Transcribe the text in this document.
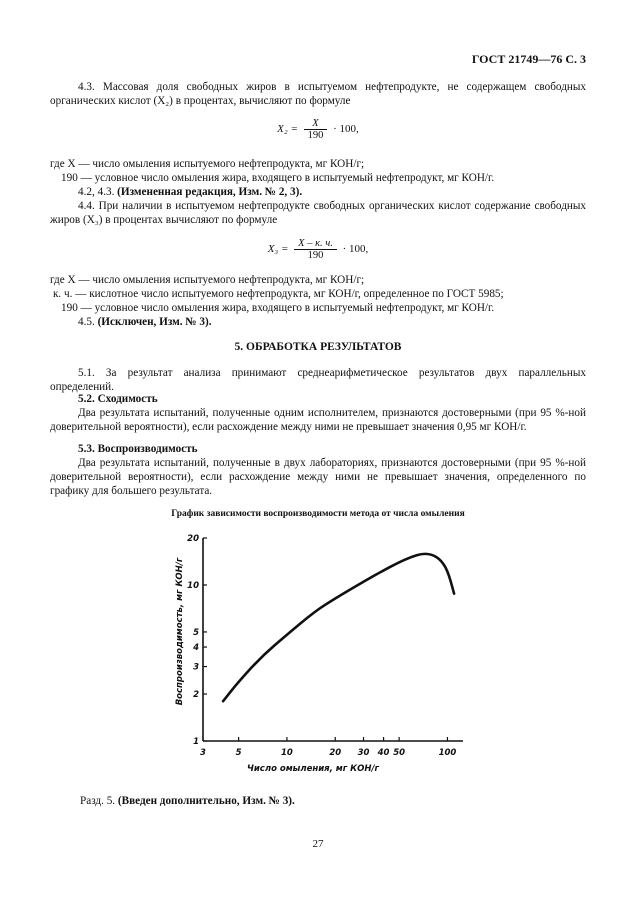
ГОСТ 21749—76 С. 3

4.3. Массовая доля свободных жиров в испытуемом нефтепродукте, не содержащем свободных органических кислот (X₂) в процентах, вычисляют по формуле

$X_2 = \frac{X}{190} \cdot 100$,

где X — число омыления испытуемого нефтепродукта, мг КОН/г;

190 — условное число омыления жира, входящего в испытуемый нефтепродукт, мг КОН/г.

4.2, 4.3. (Измененная редакция, Изм. № 2, 3).

4.4. При наличии в испытуемом нефтепродукте свободных органических кислот содержание свободных жиров (X₃) в процентах вычисляют по формуле

$X_3 = \frac{X - к. ч.}{190} \cdot 100$,

где X — число омыления испытуемого нефтепродукта, мг КОН/г;

к. ч. — кислотное число испытуемого нефтепродукта, мг КОН/г, определенное по ГОСТ 5985;

190 — условное число омыления жира, входящего в испытуемый нефтепродукт, мг КОН/г.

4.5. (Исключен, Изм. № 3).

5. ОБРАБОТКА РЕЗУЛЬТАТОВ

5.1. За результат анализа принимают среднеарифметическое результатов двух параллельных определений.

5.2. Сходимость

Два результата испытаний, полученные одним исполнителем, признаются достоверными (при 95 %-ной доверительной вероятности), если расхождение между ними не превышает значения 0,95 мг КОН/г.

5.3. Воспроизводимость

Два результата испытаний, полученные в двух лабораториях, признаются достоверными (при 95 %-ной доверительной вероятности), если расхождение между ними не превышает значения, определенного по графику для большего результата.

График зависимости воспроизводимости метода от числа омыления
3	5	10	20 30 40 50	100
1
2
3
4
5
10
20
Число омыления, мг КОН/г
Воспроизводимость, мг КОН/г

Разд. 5. (Введен дополнительно, Изм. № 3).

27
